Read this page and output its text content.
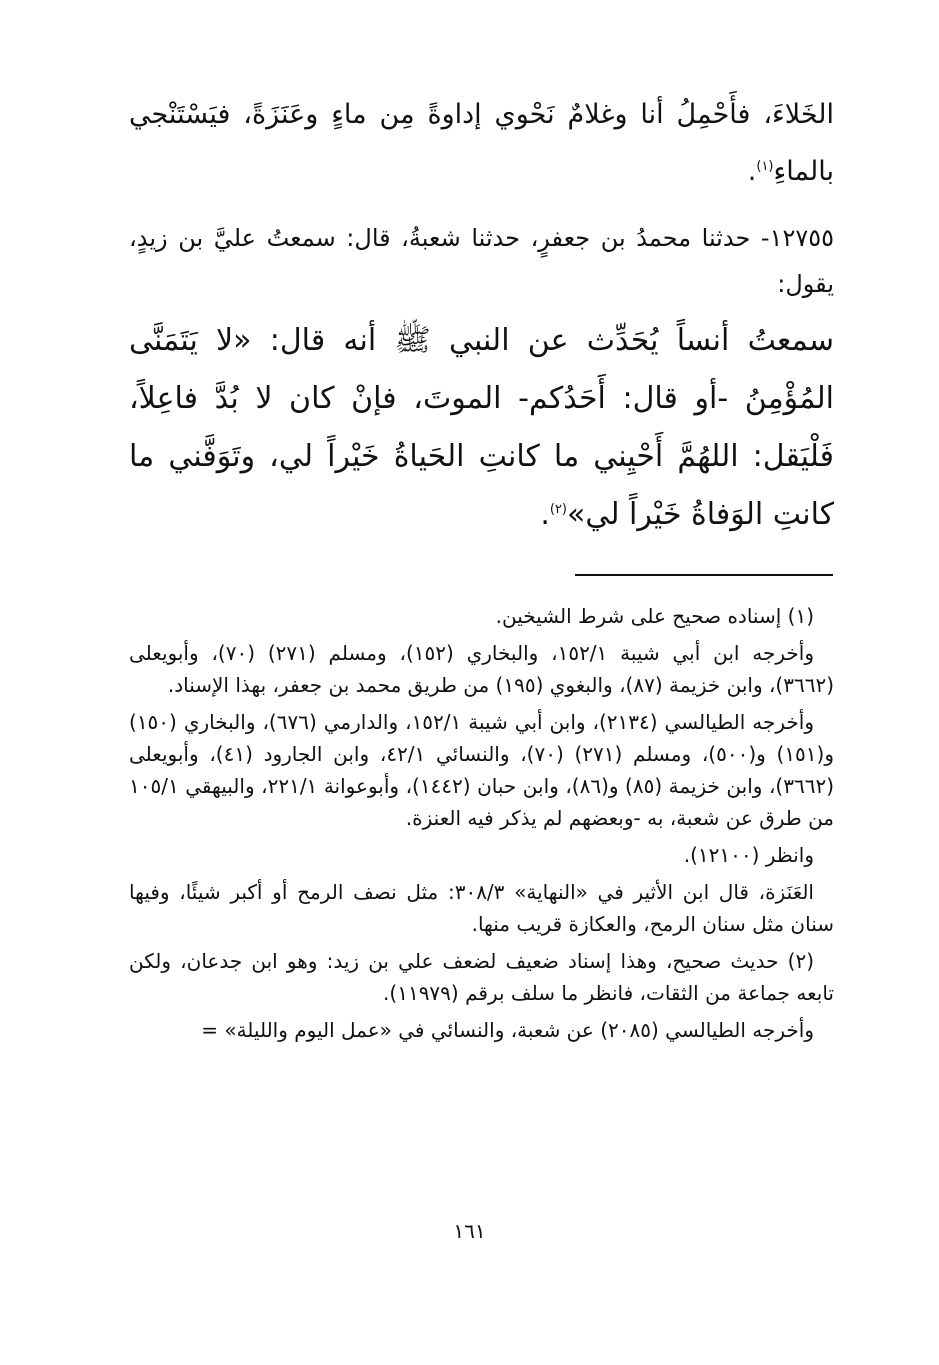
الخَلاءَ، فأَحْمِلُ أنا وغلامٌ نَحْوي إداوةً مِن ماءٍ وعَنَزَةً، فيَسْتَنْجي بالماءِ$^{(١)}$.

١٢٧٥٥- حدثنا محمدُ بن جعفرٍ، حدثنا شعبةُ، قال: سمعتُ عليَّ بن زيدٍ، يقول:

سمعتُ أنساً يُحَدِّث عن النبي ﷺ أنه قال: «لا يَتَمَنَّى المُؤْمِنُ -أو قال: أَحَدُكم- الموتَ، فإنْ كان لا بُدَّ فاعِلاً، فَلْيَقل: اللهُمَّ أَحْيِني ما كانتِ الحَياةُ خَيْراً لي، وتَوَفَّني ما كانتِ الوَفاةُ خَيْراً لي»$^{(٢)}$.

(١) إسناده صحيح على شرط الشيخين.

وأخرجه ابن أبي شيبة ١٥٢/١، والبخاري (١٥٢)، ومسلم (٢٧١) (٧٠)، وأبويعلى (٣٦٦٢)، وابن خزيمة (٨٧)، والبغوي (١٩٥) من طريق محمد بن جعفر، بهذا الإسناد.

وأخرجه الطيالسي (٢١٣٤)، وابن أبي شيبة ١٥٢/١، والدارمي (٦٧٦)، والبخاري (١٥٠) و(١٥١) و(٥٠٠)، ومسلم (٢٧١) (٧٠)، والنسائي ٤٢/١، وابن الجارود (٤١)، وأبويعلى (٣٦٦٢)، وابن خزيمة (٨٥) و(٨٦)، وابن حبان (١٤٤٢)، وأبوعوانة ٢٢١/١، والبيهقي ١٠٥/١ من طرق عن شعبة، به -وبعضهم لم يذكر فيه العنزة.

وانظر (١٢١٠٠).

العَنَزة، قال ابن الأثير في «النهاية» ٣٠٨/٣: مثل نصف الرمح أو أكبر شيئًا، وفيها سنان مثل سنان الرمح، والعكازة قريب منها.

(٢) حديث صحيح، وهذا إسناد ضعيف لضعف علي بن زيد: وهو ابن جدعان، ولكن تابعه جماعة من الثقات، فانظر ما سلف برقم (١١٩٧٩).

وأخرجه الطيالسي (٢٠٨٥) عن شعبة، والنسائي في «عمل اليوم والليلة» =

١٦١
